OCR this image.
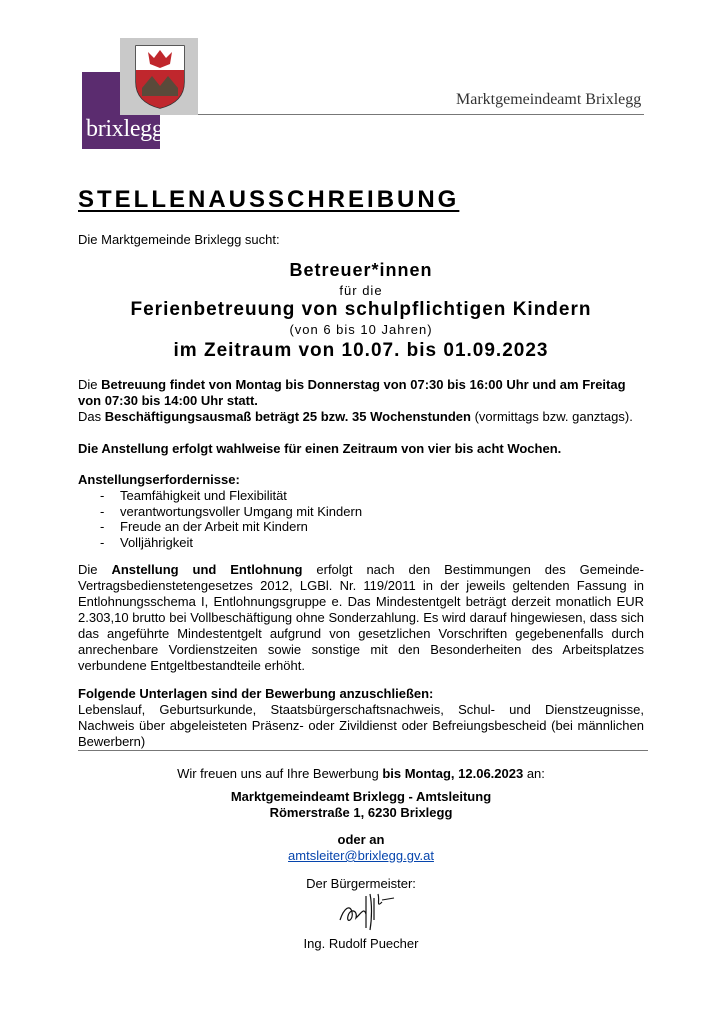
brixlegg
Marktgemeindeamt Brixlegg
STELLENAUSSCHREIBUNG
Die Marktgemeinde Brixlegg sucht:
Betreuer*innen
für die
Ferienbetreuung von schulpflichtigen Kindern
(von 6 bis 10 Jahren)
im Zeitraum von 10.07. bis 01.09.2023
Die Betreuung findet von Montag bis Donnerstag von 07:30 bis 16:00 Uhr und am Freitag von 07:30 bis 14:00 Uhr statt.
Das Beschäftigungsausmaß beträgt 25 bzw. 35 Wochenstunden (vormittags bzw. ganztags).
Die Anstellung erfolgt wahlweise für einen Zeitraum von vier bis acht Wochen.
Anstellungserfordernisse:
- Teamfähigkeit und Flexibilität
- verantwortungsvoller Umgang mit Kindern
- Freude an der Arbeit mit Kindern
- Volljährigkeit
Die Anstellung und Entlohnung erfolgt nach den Bestimmungen des Gemeinde-Vertragsbedienstetengesetzes 2012, LGBl. Nr. 119/2011 in der jeweils geltenden Fassung in Entlohnungsschema I, Entlohnungsgruppe e. Das Mindestentgelt beträgt derzeit monatlich EUR 2.303,10 brutto bei Vollbeschäftigung ohne Sonderzahlung. Es wird darauf hingewiesen, dass sich das angeführte Mindestentgelt aufgrund von gesetzlichen Vorschriften gegebenenfalls durch anrechenbare Vordienstzeiten sowie sonstige mit den Besonderheiten des Arbeitsplatzes verbundene Entgeltbestandteile erhöht.
Folgende Unterlagen sind der Bewerbung anzuschließen:
Lebenslauf, Geburtsurkunde, Staatsbürgerschaftsnachweis, Schul- und Dienstzeugnisse, Nachweis über abgeleisteten Präsenz- oder Zivildienst oder Befreiungsbescheid (bei männlichen Bewerbern)
Wir freuen uns auf Ihre Bewerbung bis Montag, 12.06.2023 an:
Marktgemeindeamt Brixlegg - Amtsleitung
Römerstraße 1, 6230 Brixlegg
oder an
amtsleiter@brixlegg.gv.at
Der Bürgermeister:
Ing. Rudolf Puecher
